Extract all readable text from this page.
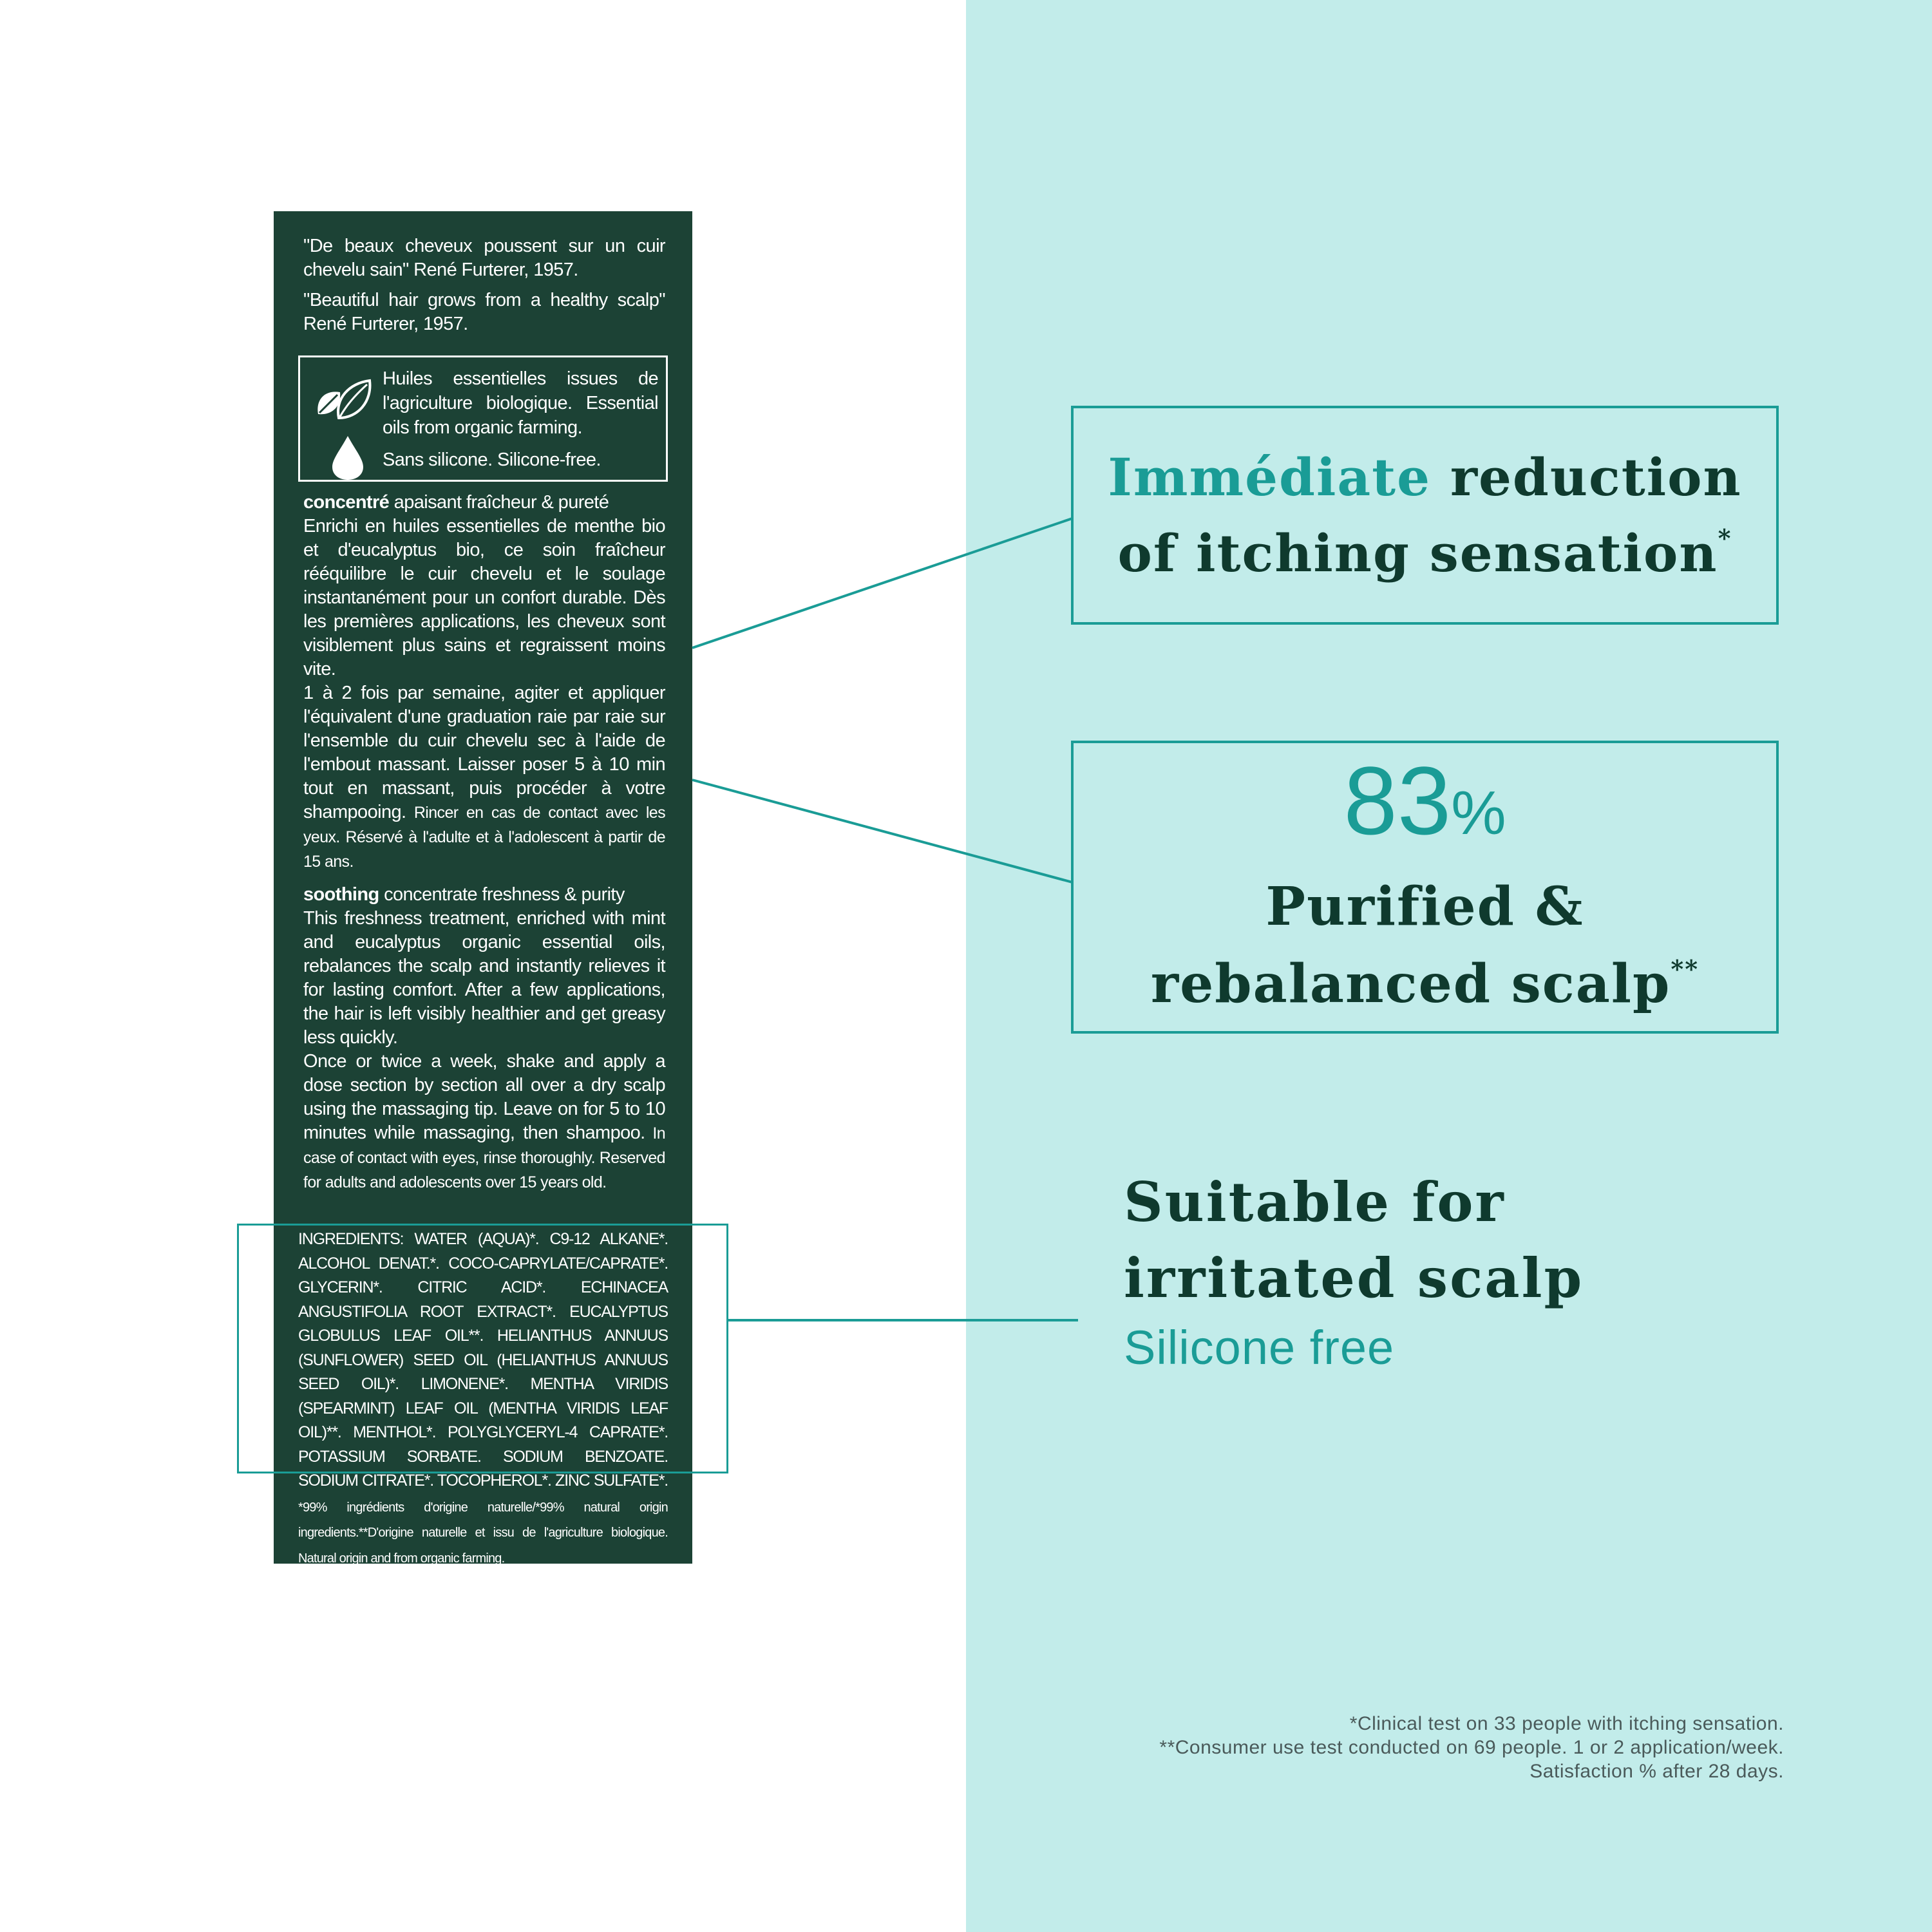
"De beaux cheveux poussent sur un cuir chevelu sain" René Furterer, 1957.

"Beautiful hair grows from a healthy scalp" René Furterer, 1957.

Huiles essentielles issues de l'agriculture biologique. Essential oils from organic farming.

Sans silicone. Silicone-free.

concentré apaisant fraîcheur & pureté

Enrichi en huiles essentielles de menthe bio et d'eucalyptus bio, ce soin fraîcheur rééquilibre le cuir chevelu et le soulage instantanément pour un confort durable. Dès les premières applications, les cheveux sont visiblement plus sains et regraissent moins vite.

1 à 2 fois par semaine, agiter et appliquer l'équivalent d'une graduation raie par raie sur l'ensemble du cuir chevelu sec à l'aide de l'embout massant. Laisser poser 5 à 10 min tout en massant, puis procéder à votre shampooing. Rincer en cas de contact avec les yeux. Réservé à l'adulte et à l'adolescent à partir de 15 ans.

soothing concentrate freshness & purity

This freshness treatment, enriched with mint and eucalyptus organic essential oils, rebalances the scalp and instantly relieves it for lasting comfort. After a few applications, the hair is left visibly healthier and get greasy less quickly.

Once or twice a week, shake and apply a dose section by section all over a dry scalp using the massaging tip. Leave on for 5 to 10 minutes while massaging, then shampoo. In case of contact with eyes, rinse thoroughly. Reserved for adults and adolescents over 15 years old.

INGREDIENTS: WATER (AQUA)*. C9-12 ALKANE*. ALCOHOL DENAT.*. COCO-CAPRYLATE/CAPRATE*. GLYCERIN*. CITRIC ACID*. ECHINACEA ANGUSTIFOLIA ROOT EXTRACT*. EUCALYPTUS GLOBULUS LEAF OIL**. HELIANTHUS ANNUUS (SUNFLOWER) SEED OIL (HELIANTHUS ANNUUS SEED OIL)*. LIMONENE*. MENTHA VIRIDIS (SPEARMINT) LEAF OIL (MENTHA VIRIDIS LEAF OIL)**. MENTHOL*. POLYGLYCERYL-4 CAPRATE*. POTASSIUM SORBATE. SODIUM BENZOATE. SODIUM CITRATE*. TOCOPHEROL*. ZINC SULFATE*. *99% ingrédients d'origine naturelle/*99% natural origin ingredients.**D'origine naturelle et issu de l'agriculture biologique. Natural origin and from organic farming.

Immédiate reduction
of itching sensation*
83%
Purified &
rebalanced scalp**
Suitable for
irritated scalp
Silicone free

*Clinical test on 33 people with itching sensation.

**Consumer use test conducted on 69 people. 1 or 2 application/week.

Satisfaction % after 28 days.
